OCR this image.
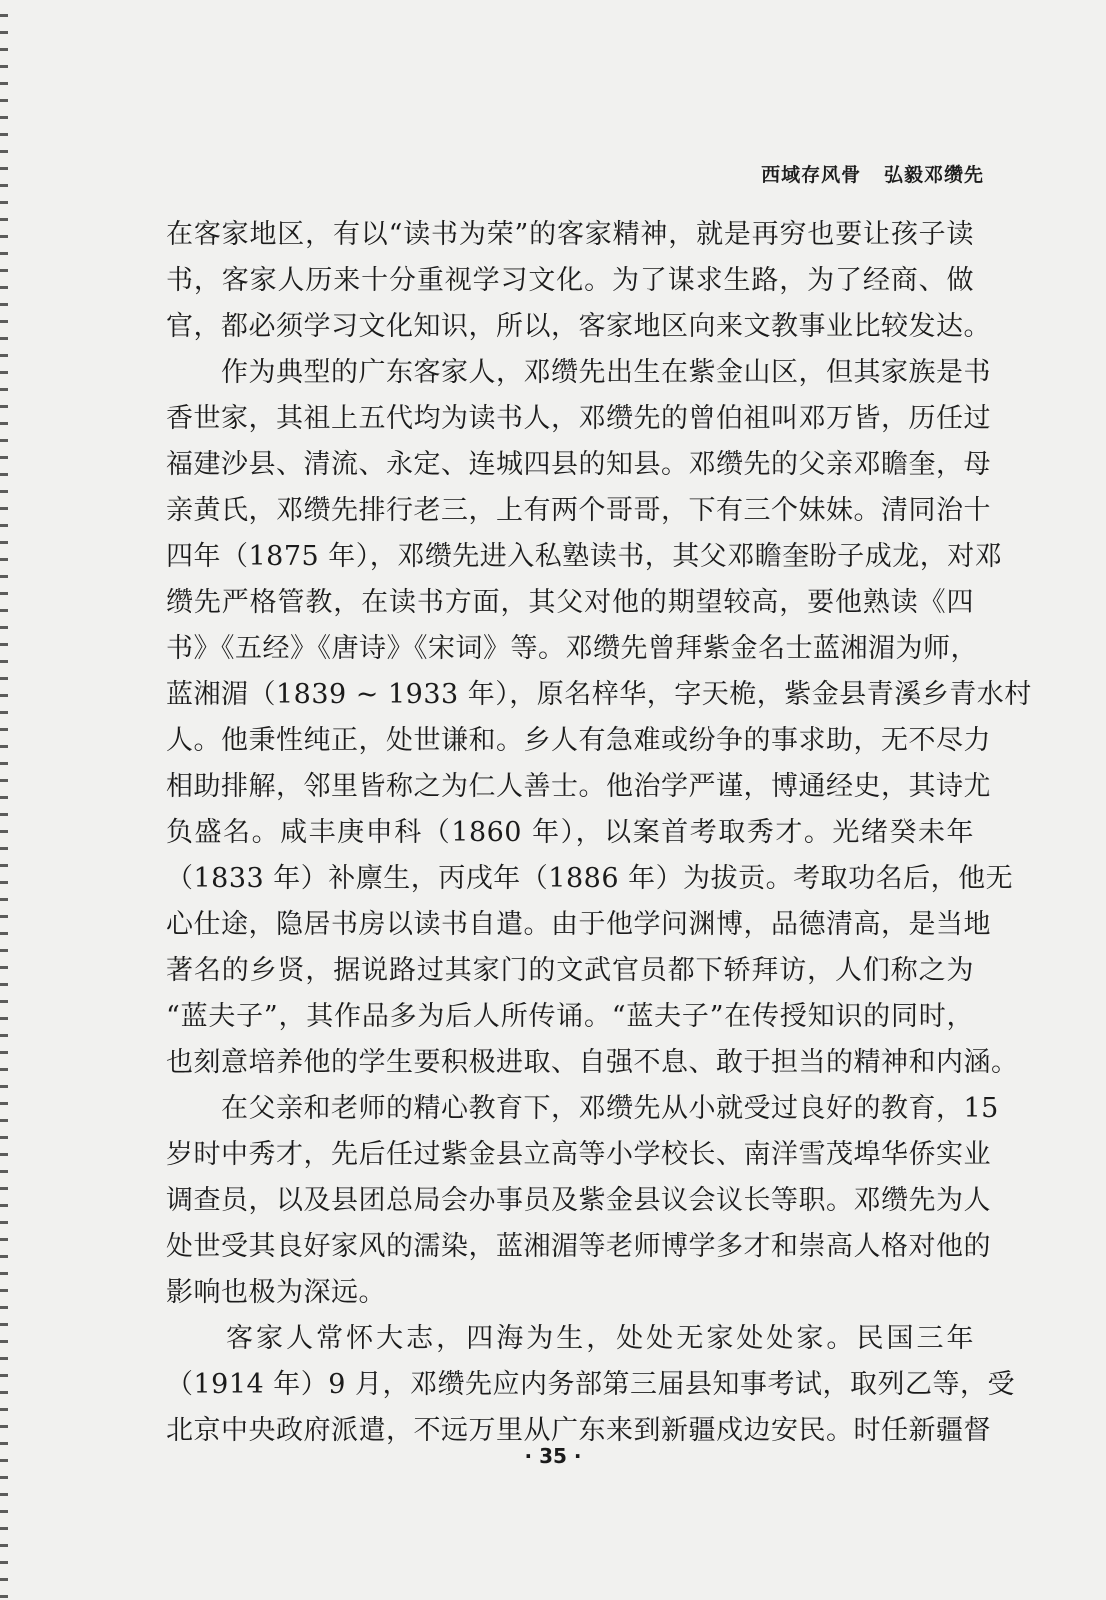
西域存风骨   弘毅邓缵先
在客家地区，有以“读书为荣”的客家精神，就是再穷也要让孩子读
书，客家人历来十分重视学习文化。为了谋求生路，为了经商、做
官，都必须学习文化知识，所以，客家地区向来文教事业比较发达。
　　作为典型的广东客家人，邓缵先出生在紫金山区，但其家族是书
香世家，其祖上五代均为读书人，邓缵先的曾伯祖叫邓万皆，历任过
福建沙县、清流、永定、连城四县的知县。邓缵先的父亲邓瞻奎，母
亲黄氏，邓缵先排行老三，上有两个哥哥，下有三个妹妹。清同治十
四年（1875 年），邓缵先进入私塾读书，其父邓瞻奎盼子成龙，对邓
缵先严格管教，在读书方面，其父对他的期望较高，要他熟读《四
书》《五经》《唐诗》《宋词》等。邓缵先曾拜紫金名士蓝湘湄为师，
蓝湘湄（1839 ~ 1933 年），原名梓华，字天桅，紫金县青溪乡青水村
人。他秉性纯正，处世谦和。乡人有急难或纷争的事求助，无不尽力
相助排解，邻里皆称之为仁人善士。他治学严谨，博通经史，其诗尤
负盛名。咸丰庚申科（1860 年），以案首考取秀才。光绪癸未年
（1833 年）补廪生，丙戌年（1886 年）为拔贡。考取功名后，他无
心仕途，隐居书房以读书自遣。由于他学问渊博，品德清高，是当地
著名的乡贤，据说路过其家门的文武官员都下轿拜访，人们称之为
“蓝夫子”，其作品多为后人所传诵。“蓝夫子”在传授知识的同时，
也刻意培养他的学生要积极进取、自强不息、敢于担当的精神和内涵。
　　在父亲和老师的精心教育下，邓缵先从小就受过良好的教育，15
岁时中秀才，先后任过紫金县立高等小学校长、南洋雪茂埠华侨实业
调查员，以及县团总局会办事员及紫金县议会议长等职。邓缵先为人
处世受其良好家风的濡染，蓝湘湄等老师博学多才和崇高人格对他的
影响也极为深远。
　　客家人常怀大志，四海为生，处处无家处处家。民国三年
（1914 年）9 月，邓缵先应内务部第三届县知事考试，取列乙等，受
北京中央政府派遣，不远万里从广东来到新疆戍边安民。时任新疆督
· 35 ·
